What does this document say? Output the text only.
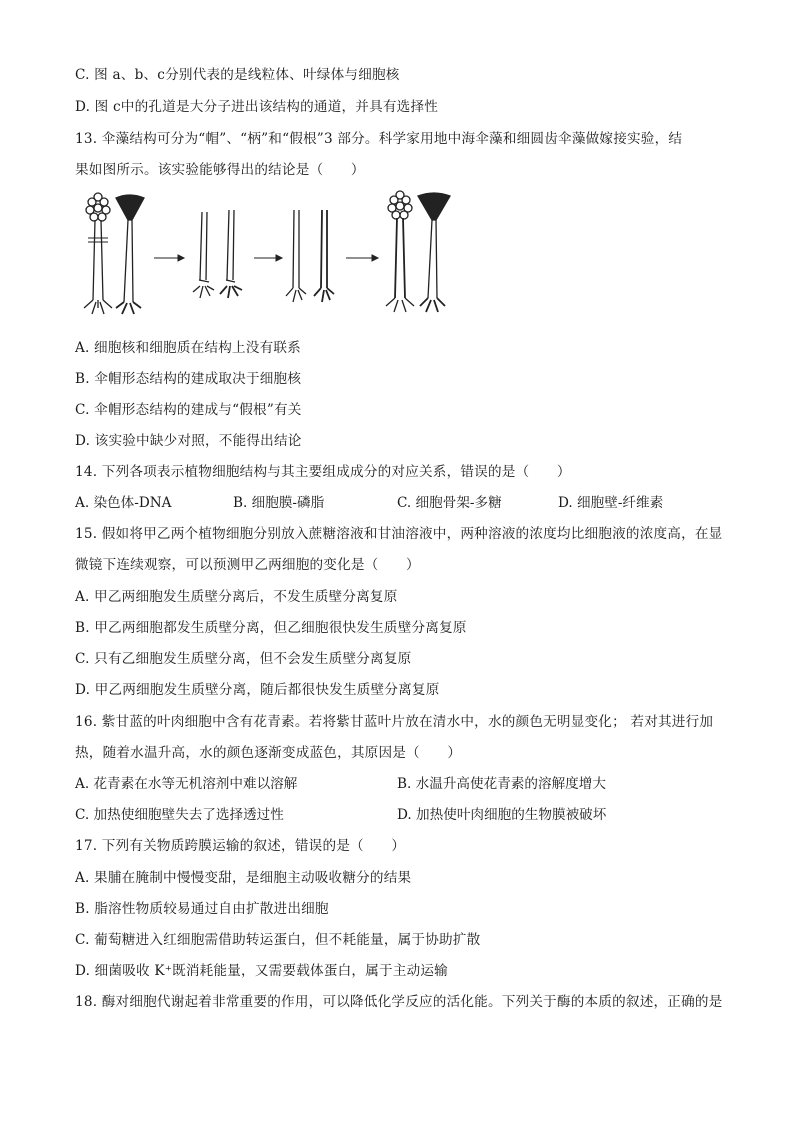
C. 图 a、b、c分别代表的是线粒体、叶绿体与细胞核
D. 图 c中的孔道是大分子进出该结构的通道，并具有选择性
13. 伞藻结构可分为“帽”、“柄”和“假根”3 部分。科学家用地中海伞藻和细圆齿伞藻做嫁接实验，结
果如图所示。该实验能够得出的结论是（　　）
A. 细胞核和细胞质在结构上没有联系
B. 伞帽形态结构的建成取决于细胞核
C. 伞帽形态结构的建成与“假根”有关
D. 该实验中缺少对照，不能得出结论
14. 下列各项表示植物细胞结构与其主要组成成分的对应关系，错误的是（　　）
A. 染色体-DNA	B. 细胞膜-磷脂	C. 细胞骨架-多糖	D. 细胞壁-纤维素
15. 假如将甲乙两个植物细胞分别放入蔗糖溶液和甘油溶液中，两种溶液的浓度均比细胞液的浓度高，在显
微镜下连续观察，可以预测甲乙两细胞的变化是（　　）
A. 甲乙两细胞发生质壁分离后，不发生质壁分离复原
B. 甲乙两细胞都发生质壁分离，但乙细胞很快发生质壁分离复原
C. 只有乙细胞发生质壁分离，但不会发生质壁分离复原
D. 甲乙两细胞发生质壁分离，随后都很快发生质壁分离复原
16. 紫甘蓝的叶肉细胞中含有花青素。若将紫甘蓝叶片放在清水中，水的颜色无明显变化； 若对其进行加
热，随着水温升高，水的颜色逐渐变成蓝色，其原因是（　　）
A. 花青素在水等无机溶剂中难以溶解	B. 水温升高使花青素的溶解度增大
C. 加热使细胞壁失去了选择透过性	D. 加热使叶肉细胞的生物膜被破坏
17. 下列有关物质跨膜运输的叙述，错误的是（　　）
A. 果脯在腌制中慢慢变甜，是细胞主动吸收糖分的结果
B. 脂溶性物质较易通过自由扩散进出细胞
C. 葡萄糖进入红细胞需借助转运蛋白，但不耗能量，属于协助扩散
D. 细菌吸收 K⁺既消耗能量，又需要载体蛋白，属于主动运输
18. 酶对细胞代谢起着非常重要的作用，可以降低化学反应的活化能。下列关于酶的本质的叙述，正确的是
